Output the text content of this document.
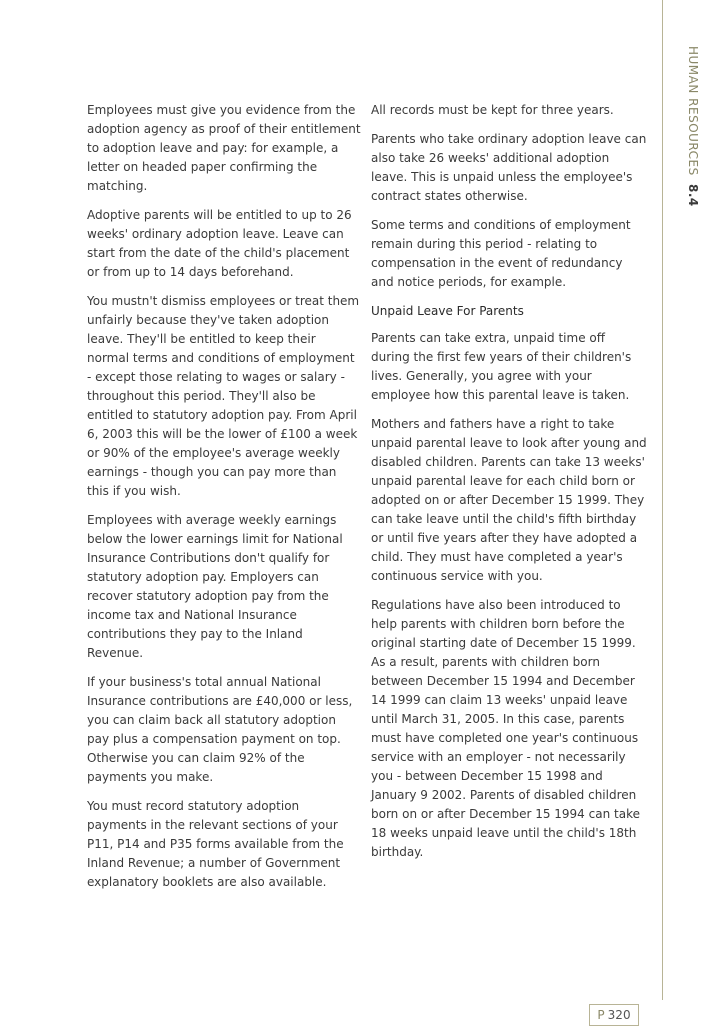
HUMAN RESOURCES 8.4

Employees must give you evidence from the adoption agency as proof of their entitlement to adoption leave and pay: for example, a letter on headed paper confirming the matching.

Adoptive parents will be entitled to up to 26 weeks' ordinary adoption leave. Leave can start from the date of the child's placement or from up to 14 days beforehand.

You mustn't dismiss employees or treat them unfairly because they've taken adoption leave. They'll be entitled to keep their normal terms and conditions of employment - except those relating to wages or salary - throughout this period. They'll also be entitled to statutory adoption pay. From April 6, 2003 this will be the lower of £100 a week or 90% of the employee's average weekly earnings - though you can pay more than this if you wish.

Employees with average weekly earnings below the lower earnings limit for National Insurance Contributions don't qualify for statutory adoption pay. Employers can recover statutory adoption pay from the income tax and National Insurance contributions they pay to the Inland Revenue.

If your business's total annual National Insurance contributions are £40,000 or less, you can claim back all statutory adoption pay plus a compensation payment on top. Otherwise you can claim 92% of the payments you make.

You must record statutory adoption payments in the relevant sections of your P11, P14 and P35 forms available from the Inland Revenue; a number of Government explanatory booklets are also available.

All records must be kept for three years.

Parents who take ordinary adoption leave can also take 26 weeks' additional adoption leave. This is unpaid unless the employee's contract states otherwise.

Some terms and conditions of employment remain during this period - relating to compensation in the event of redundancy and notice periods, for example.

Unpaid Leave For Parents

Parents can take extra, unpaid time off during the first few years of their children's lives. Generally, you agree with your employee how this parental leave is taken.

Mothers and fathers have a right to take unpaid parental leave to look after young and disabled children. Parents can take 13 weeks' unpaid parental leave for each child born or adopted on or after December 15 1999. They can take leave until the child's fifth birthday or until five years after they have adopted a child. They must have completed a year's continuous service with you.

Regulations have also been introduced to help parents with children born before the original starting date of December 15 1999. As a result, parents with children born between December 15 1994 and December 14 1999 can claim 13 weeks' unpaid leave until March 31, 2005. In this case, parents must have completed one year's continuous service with an employer - not necessarily you - between December 15 1998 and January 9 2002. Parents of disabled children born on or after December 15 1994 can take 18 weeks unpaid leave until the child's 18th birthday.

P 320
